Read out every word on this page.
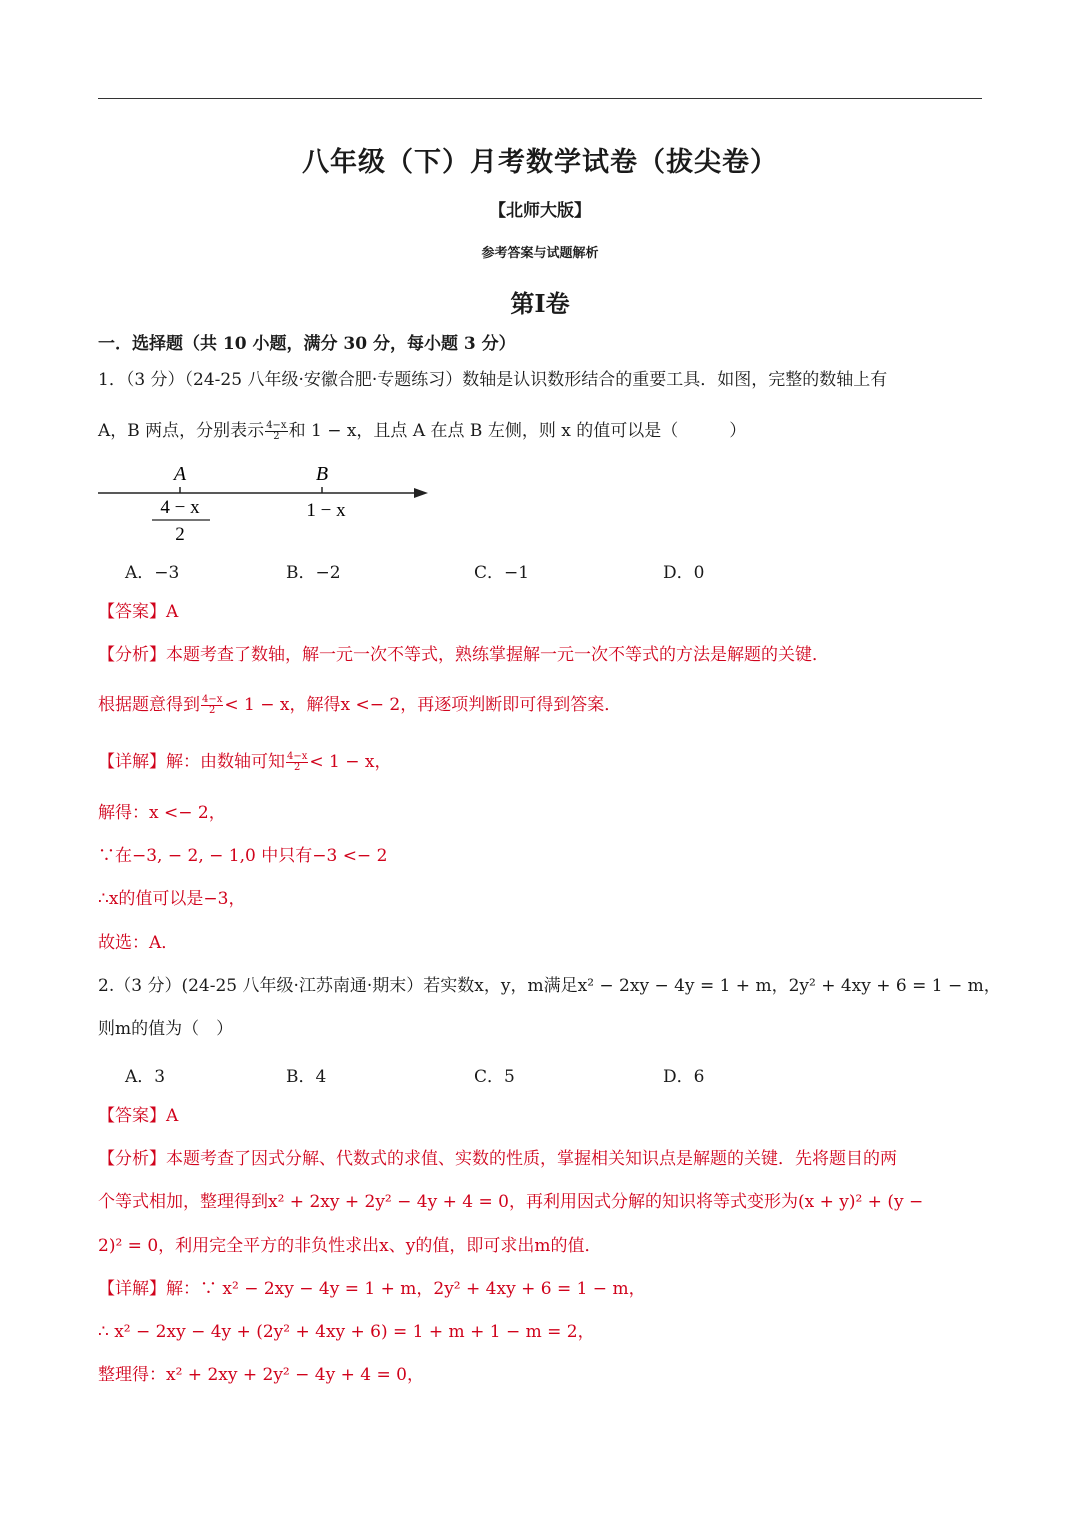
八年级（下）月考数学试卷（拔尖卷）
【北师大版】
参考答案与试题解析
第I卷
一．选择题（共 10 小题，满分 30 分，每小题 3 分）
1．（3 分）（24-25 八年级·安徽合肥·专题练习）数轴是认识数形结合的重要工具．如图，完整的数轴上有
A，B 两点，分别表示 $\frac{4-x}{2}$ 和 1 − x，且点 A 在点 B 左侧，则 x 的值可以是（　　　）
A	B
4 − x
2
1 − x
A．−3	B．−2	C．−1	D．0
【答案】A
【分析】本题考查了数轴，解一元一次不等式，熟练掌握解一元一次不等式的方法是解题的关键．
根据题意得到 $\frac{4-x}{2} < 1 - x$，解得x <− 2，再逐项判断即可得到答案．
【详解】解：由数轴可知 $\frac{4-x}{2} < 1 - x$，
解得：x <− 2，
∵在−3, − 2, − 1,0 中只有−3 <− 2
∴x的值可以是−3，
故选：A．
2.（3 分）(24-25 八年级·江苏南通·期末）若实数x，y，m满足x² − 2xy − 4y = 1 + m，2y² + 4xy + 6 = 1 − m，
则m的值为（　）
A．3	B．4	C．5	D．6
【答案】A
【分析】本题考查了因式分解、代数式的求值、实数的性质，掌握相关知识点是解题的关键．先将题目的两
个等式相加，整理得到x² + 2xy + 2y² − 4y + 4 = 0，再利用因式分解的知识将等式变形为(x + y)² + (y −
2)² = 0，利用完全平方的非负性求出x、y的值，即可求出m的值．
【详解】解：∵ x² − 2xy − 4y = 1 + m，2y² + 4xy + 6 = 1 − m，
∴ x² − 2xy − 4y + (2y² + 4xy + 6) = 1 + m + 1 − m = 2，
整理得：x² + 2xy + 2y² − 4y + 4 = 0，
